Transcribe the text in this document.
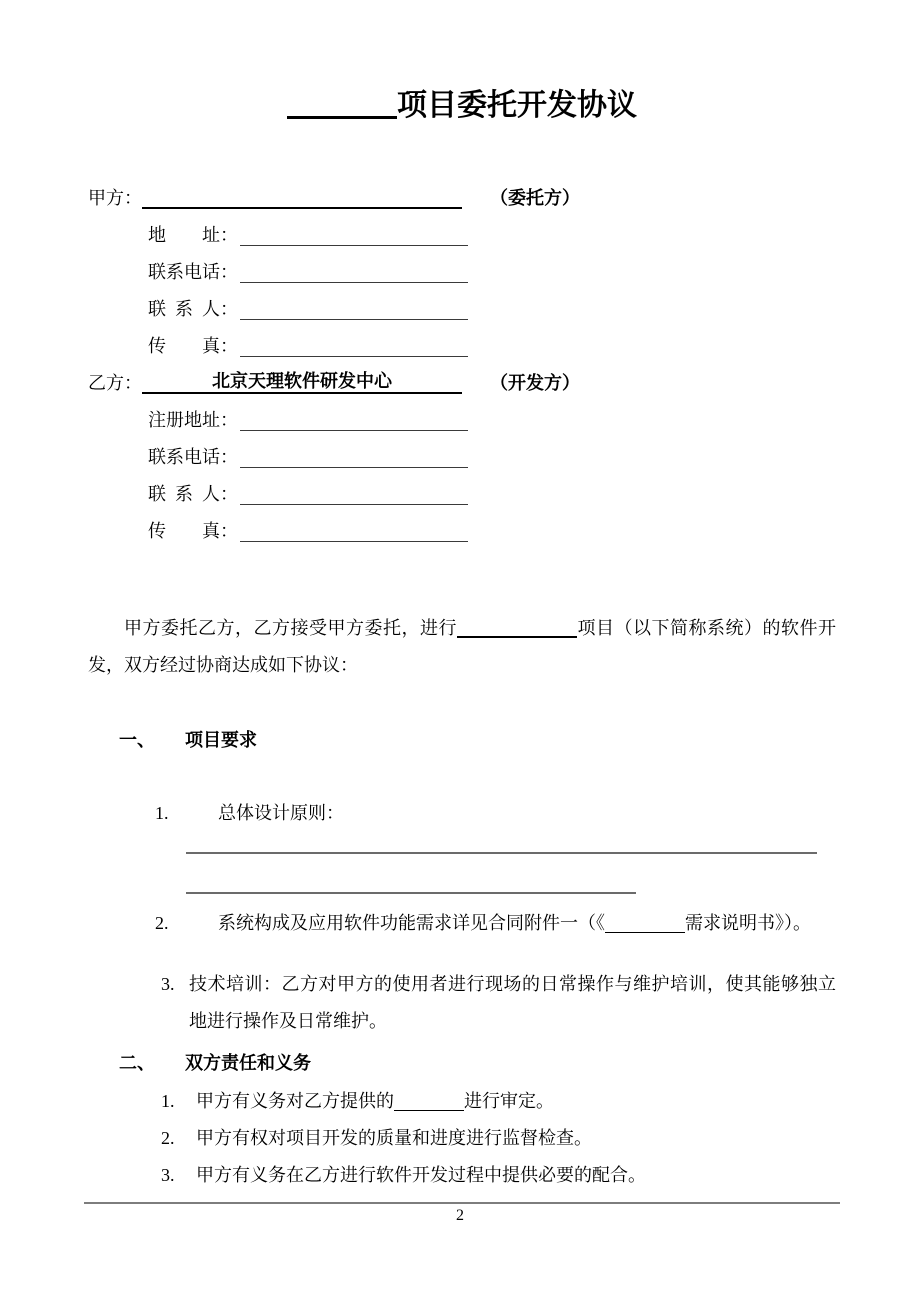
项目委托开发协议
甲方：	（委托方）
地　　址：
联系电话：
联  系  人：
传　　真：
乙方：	北京天理软件研发中心	（开发方）
注册地址：
联系电话：
联  系  人：
传　　真：

甲方委托乙方，乙方接受甲方委托，进行	项目（以下简称系统）的软件开发，双方经过协商达成如下协议：

一、 项目要求
1.	总体设计原则：
2.	系统构成及应用软件功能需求详见合同附件一（《	需求说明书》）。
3. 技术培训：乙方对甲方的使用者进行现场的日常操作与维护培训，使其能够独立地进行操作及日常维护。
二、 双方责任和义务
1.	甲方有义务对乙方提供的	进行审定。
2.	甲方有权对项目开发的质量和进度进行监督检查。
3.	甲方有义务在乙方进行软件开发过程中提供必要的配合。
2
